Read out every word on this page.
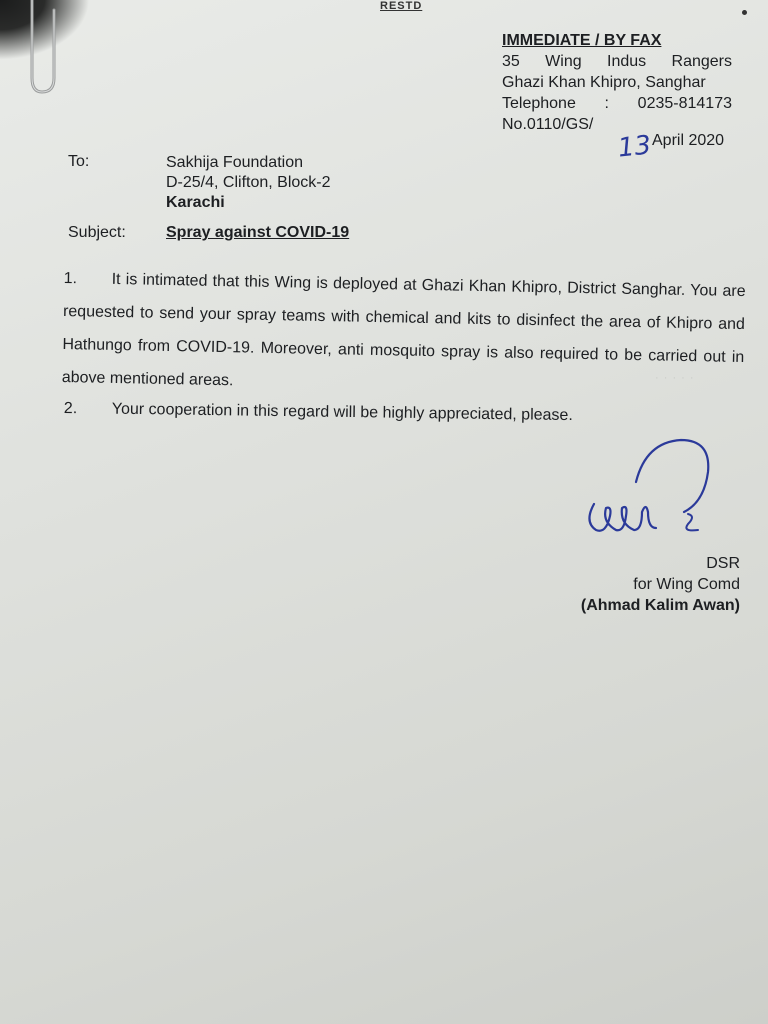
RESTD
IMMEDIATE / BY FAX
35 Wing Indus Rangers
Ghazi Khan Khipro, Sanghar
Telephone : 0235-814173
No.0110/GS/
13 April 2020
To:	Sakhija Foundation
D-25/4, Clifton, Block-2
Karachi
Subject:	Spray against COVID-19
1. It is intimated that this Wing is deployed at Ghazi Khan Khipro, District Sanghar. You are requested to send your spray teams with chemical and kits to disinfect the area of Khipro and Hathungo from COVID-19. Moreover, anti mosquito spray is also required to be carried out in above mentioned areas.	· · · · ·
2. Your cooperation in this regard will be highly appreciated, please.
DSR
for Wing Comd
(Ahmad Kalim Awan)
